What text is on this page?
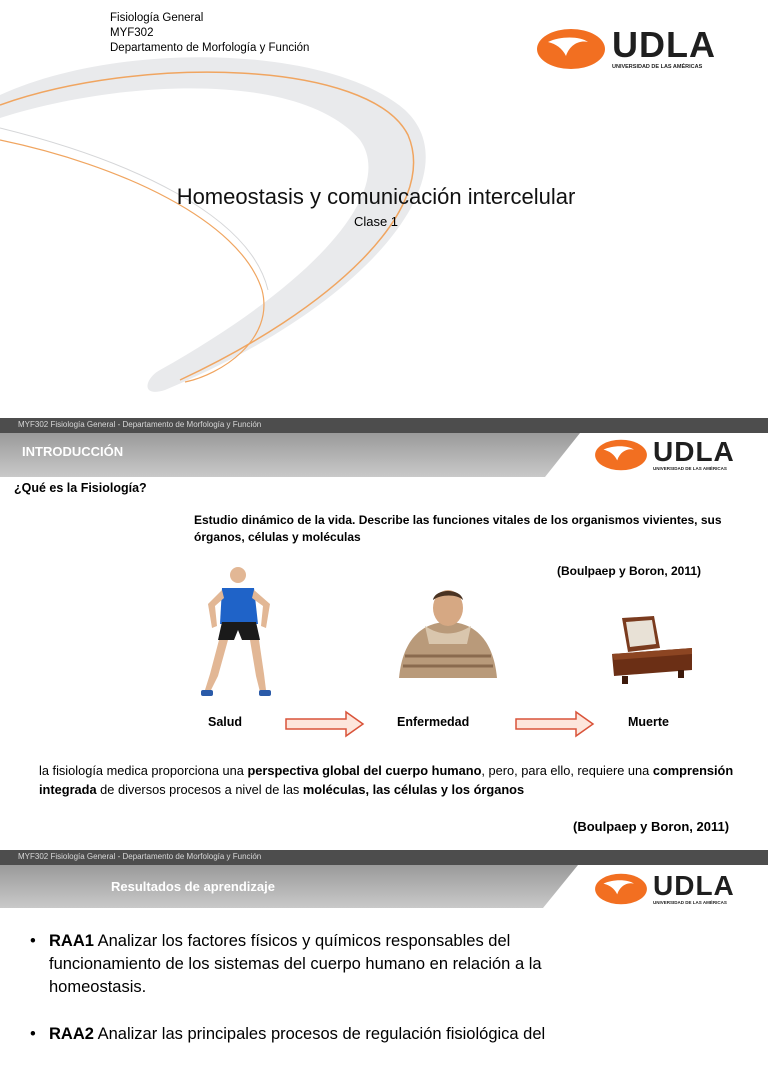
Fisiología General
MYF302
Departamento de Morfología y Función	UDLA
UNIVERSIDAD DE LAS AMÉRICAS
Homeostasis y comunicación intercelular
Clase 1
MYF302 Fisiología General - Departamento de Morfología y Función
INTRODUCCIÓN	UDLA
UNIVERSIDAD DE LAS AMÉRICAS
¿Qué es la Fisiología?
Estudio dinámico de la vida. Describe las funciones vitales de los organismos vivientes, sus órganos, células y moléculas
(Boulpaep y Boron, 2011)
Salud	Enfermedad	Muerte
la fisiología medica proporciona una perspectiva global del cuerpo humano, pero, para ello, requiere una comprensión integrada de diversos procesos a nivel de las moléculas, las células y los órganos
(Boulpaep y Boron, 2011)
MYF302 Fisiología General - Departamento de Morfología y Función
Resultados de aprendizaje	UDLA
UNIVERSIDAD DE LAS AMÉRICAS
• RAA1 Analizar los factores físicos y químicos responsables del funcionamiento de los sistemas del cuerpo humano en relación a la homeostasis.
• RAA2 Analizar las principales procesos de regulación fisiológica del
